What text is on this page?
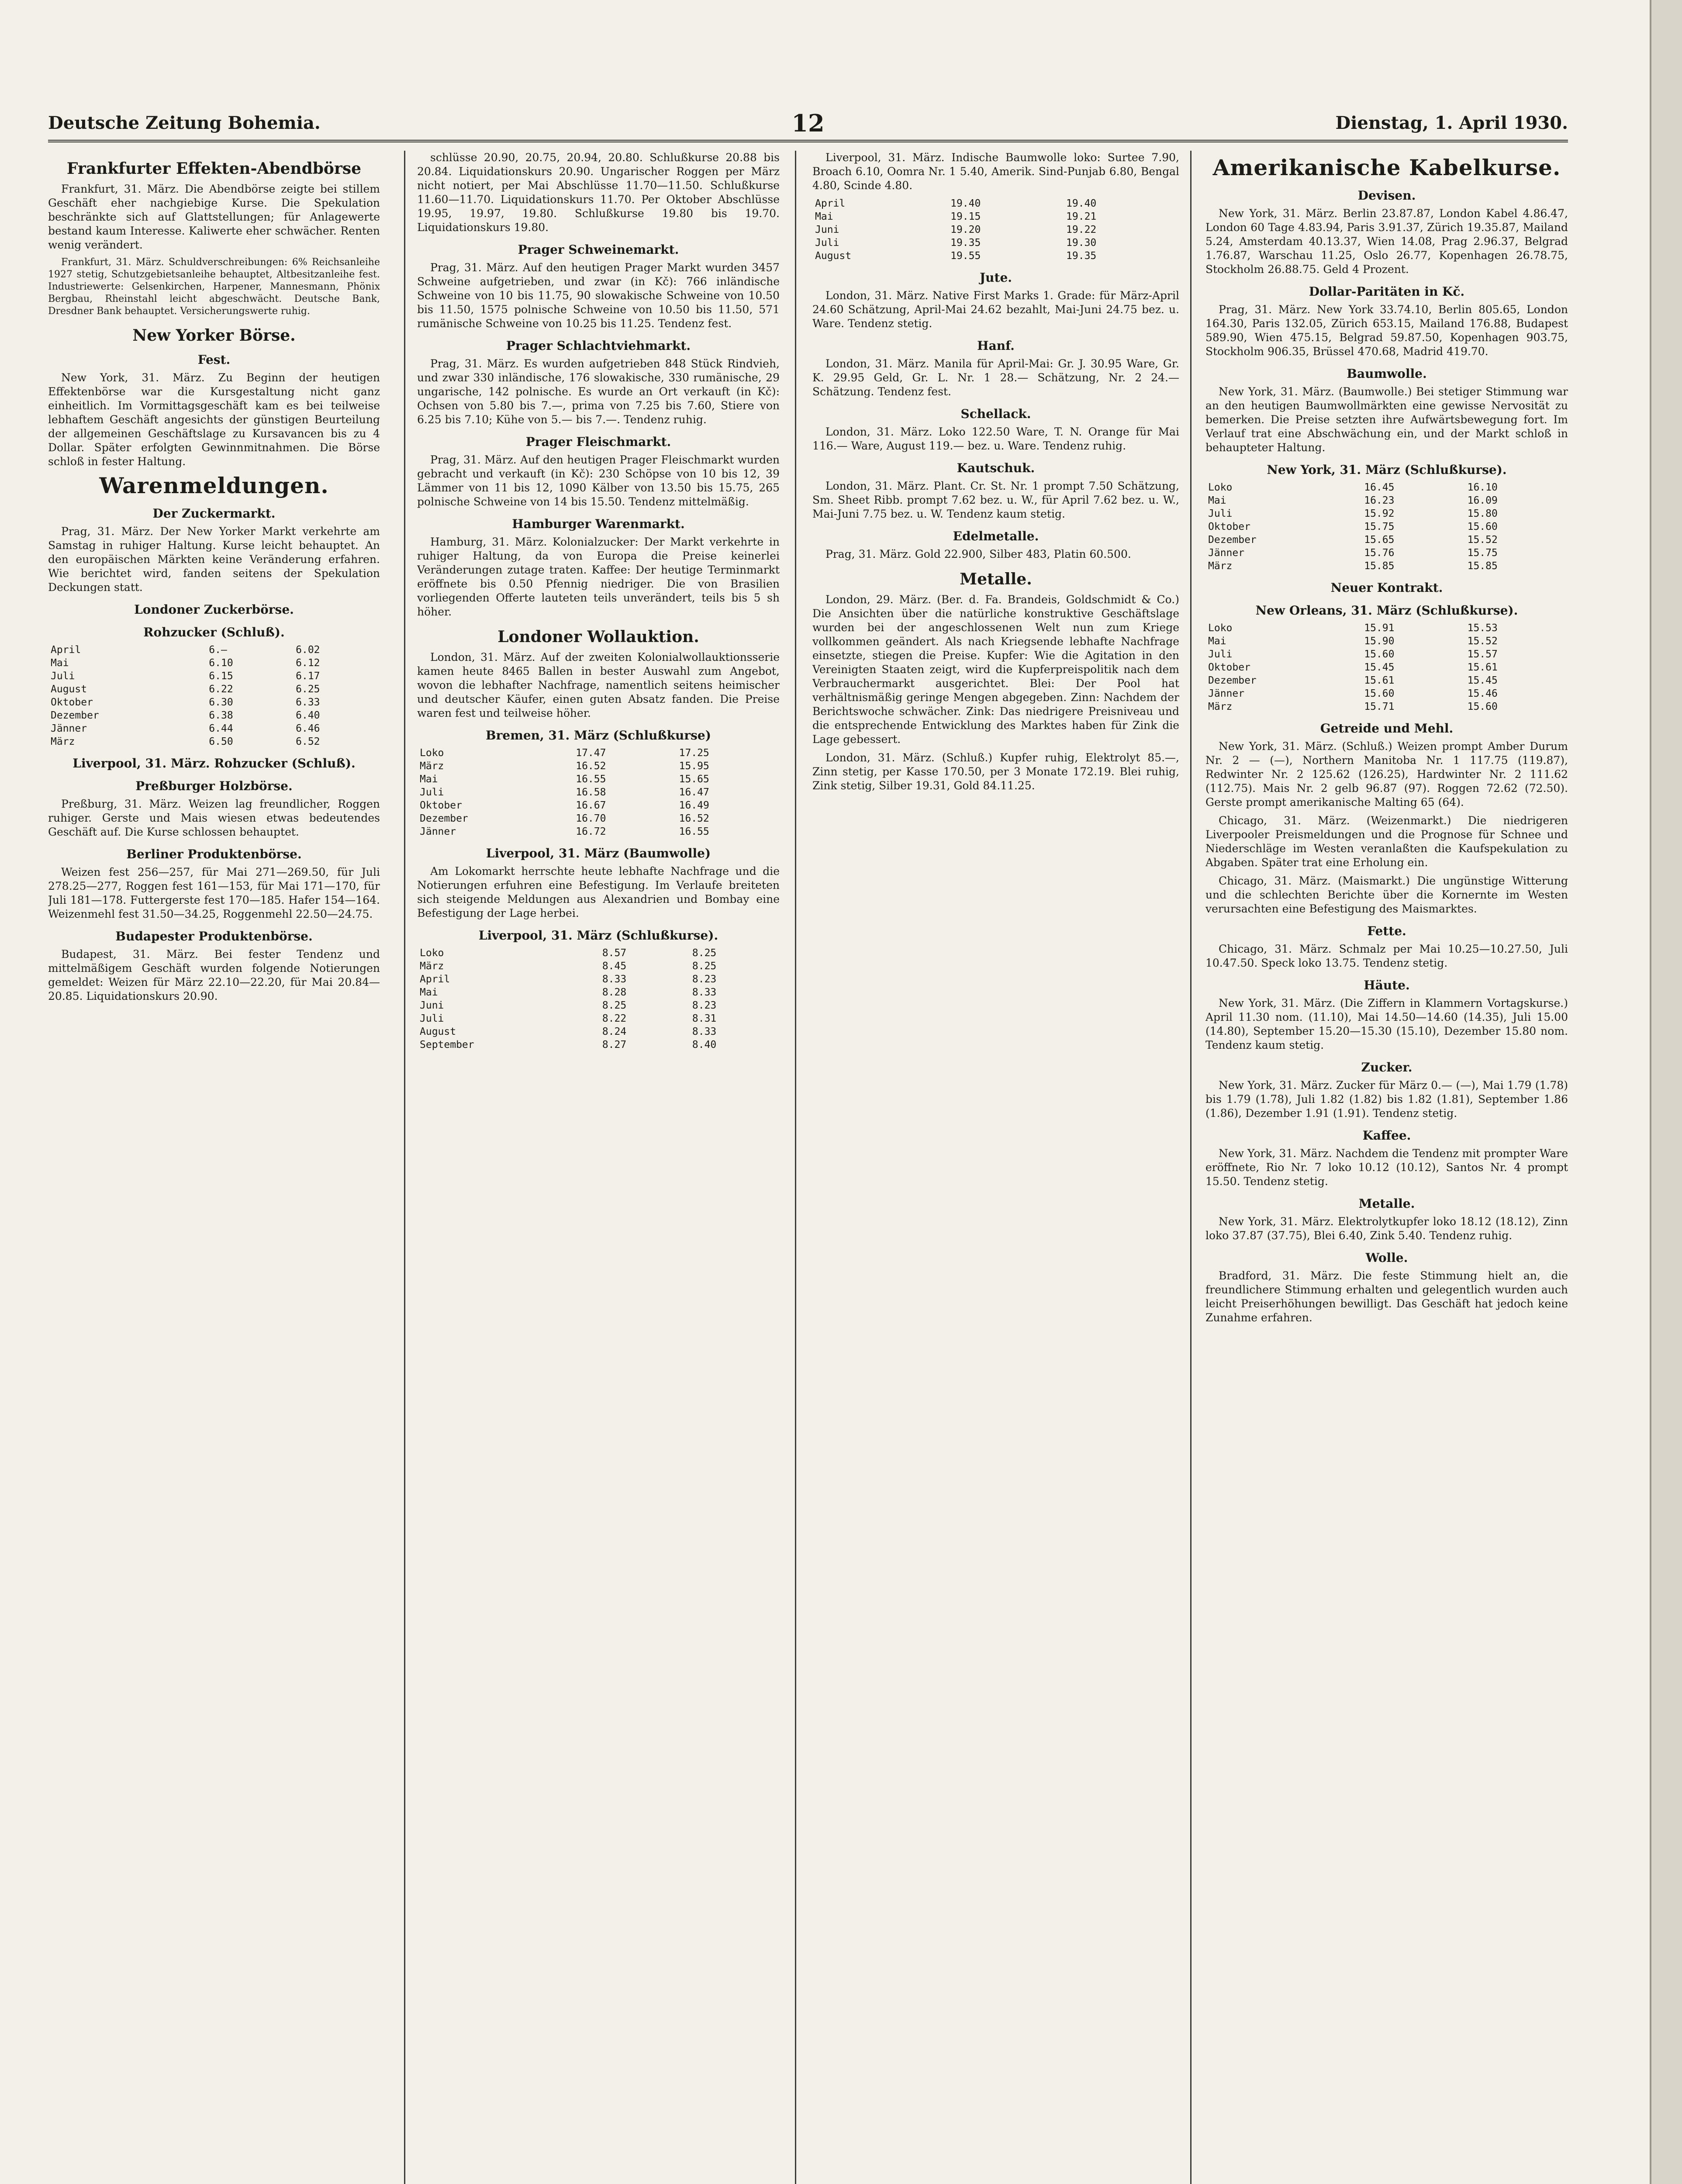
Deutsche Zeitung Bohemia.	12	Dienstag, 1. April 1930.
Frankfurter Effekten-Abendbörse

Frankfurt, 31. März. Die Abendbörse zeigte bei stillem Geschäft eher nachgiebige Kurse. Die Spekulation beschränkte sich auf Glattstellungen; für Anlagewerte bestand kaum Interesse. Kaliwerte eher schwächer. Renten wenig verändert.

Frankfurt, 31. März. Schuldverschreibungen: 6% Reichsanleihe 1927 stetig, Schutzgebietsanleihe behauptet, Altbesitzanleihe fest. Industriewerte: Gelsenkirchen, Harpener, Mannesmann, Phönix Bergbau, Rheinstahl leicht abgeschwächt. Deutsche Bank, Dresdner Bank behauptet. Versicherungswerte ruhig.

New Yorker Börse.
Fest.

New York, 31. März. Zu Beginn der heutigen Effektenbörse war die Kursgestaltung nicht ganz einheitlich. Im Vormittagsgeschäft kam es bei teilweise lebhaftem Geschäft angesichts der günstigen Beurteilung der allgemeinen Geschäftslage zu Kursavancen bis zu 4 Dollar. Später erfolgten Gewinnmitnahmen. Die Börse schloß in fester Haltung.

Warenmeldungen.
Der Zuckermarkt.

Prag, 31. März. Der New Yorker Markt verkehrte am Samstag in ruhiger Haltung. Kurse leicht behauptet. An den europäischen Märkten keine Veränderung erfahren. Wie berichtet wird, fanden seitens der Spekulation Deckungen statt.

Londoner Zuckerbörse.
Rohzucker (Schluß).
April	6.—	6.02
Mai	6.10	6.12
Juli	6.15	6.17
August	6.22	6.25
Oktober	6.30	6.33
Dezember	6.38	6.40
Jänner	6.44	6.46
März	6.50	6.52
Liverpool, 31. März. Rohzucker (Schluß).
Preßburger Holzbörse.

Preßburg, 31. März. Weizen lag freundlicher, Roggen ruhiger. Gerste und Mais wiesen etwas bedeutendes Geschäft auf. Die Kurse schlossen behauptet.

Berliner Produktenbörse.

Weizen fest 256—257, für Mai 271—269.50, für Juli 278.25—277, Roggen fest 161—153, für Mai 171—170, für Juli 181—178. Futtergerste fest 170—185. Hafer 154—164. Weizenmehl fest 31.50—34.25, Roggenmehl 22.50—24.75.

Budapester Produktenbörse.

Budapest, 31. März. Bei fester Tendenz und mittelmäßigem Geschäft wurden folgende Notierungen gemeldet: Weizen für März 22.10—22.20, für Mai 20.84—20.85. Liquidationskurs 20.90.

schlüsse 20.90, 20.75, 20.94, 20.80. Schlußkurse 20.88 bis 20.84. Liquidationskurs 20.90. Ungarischer Roggen per März nicht notiert, per Mai Abschlüsse 11.70—11.50. Schlußkurse 11.60—11.70. Liquidationskurs 11.70. Per Oktober Abschlüsse 19.95, 19.97, 19.80. Schlußkurse 19.80 bis 19.70. Liquidationskurs 19.80.

Prager Schweinemarkt.

Prag, 31. März. Auf den heutigen Prager Markt wurden 3457 Schweine aufgetrieben, und zwar (in Kč): 766 inländische Schweine von 10 bis 11.75, 90 slowakische Schweine von 10.50 bis 11.50, 1575 polnische Schweine von 10.50 bis 11.50, 571 rumänische Schweine von 10.25 bis 11.25. Tendenz fest.

Prager Schlachtviehmarkt.

Prag, 31. März. Es wurden aufgetrieben 848 Stück Rindvieh, und zwar 330 inländische, 176 slowakische, 330 rumänische, 29 ungarische, 142 polnische. Es wurde an Ort verkauft (in Kč): Ochsen von 5.80 bis 7.—, prima von 7.25 bis 7.60, Stiere von 6.25 bis 7.10; Kühe von 5.— bis 7.—. Tendenz ruhig.

Prager Fleischmarkt.

Prag, 31. März. Auf den heutigen Prager Fleischmarkt wurden gebracht und verkauft (in Kč): 230 Schöpse von 10 bis 12, 39 Lämmer von 11 bis 12, 1090 Kälber von 13.50 bis 15.75, 265 polnische Schweine von 14 bis 15.50. Tendenz mittelmäßig.

Hamburger Warenmarkt.

Hamburg, 31. März. Kolonialzucker: Der Markt verkehrte in ruhiger Haltung, da von Europa die Preise keinerlei Veränderungen zutage traten. Kaffee: Der heutige Terminmarkt eröffnete bis 0.50 Pfennig niedriger. Die von Brasilien vorliegenden Offerte lauteten teils unverändert, teils bis 5 sh höher.

Londoner Wollauktion.

London, 31. März. Auf der zweiten Kolonialwollauktionsserie kamen heute 8465 Ballen in bester Auswahl zum Angebot, wovon die lebhafter Nachfrage, namentlich seitens heimischer und deutscher Käufer, einen guten Absatz fanden. Die Preise waren fest und teilweise höher.

Bremen, 31. März (Schlußkurse)
Loko	17.47	17.25
März	16.52	15.95
Mai	16.55	15.65
Juli	16.58	16.47
Oktober	16.67	16.49
Dezember	16.70	16.52
Jänner	16.72	16.55
Liverpool, 31. März (Baumwolle)

Am Lokomarkt herrschte heute lebhafte Nachfrage und die Notierungen erfuhren eine Befestigung. Im Verlaufe breiteten sich steigende Meldungen aus Alexandrien und Bombay eine Befestigung der Lage herbei.

Liverpool, 31. März (Schlußkurse).
Loko	8.57	8.25
März	8.45	8.25
April	8.33	8.23
Mai	8.28	8.33
Juni	8.25	8.23
Juli	8.22	8.31
August	8.24	8.33
September	8.27	8.40

Liverpool, 31. März. Indische Baumwolle loko: Surtee 7.90, Broach 6.10, Oomra Nr. 1 5.40, Amerik. Sind-Punjab 6.80, Bengal 4.80, Scinde 4.80.

April	19.40	19.40
Mai	19.15	19.21
Juni	19.20	19.22
Juli	19.35	19.30
August	19.55	19.35
Jute.

London, 31. März. Native First Marks 1. Grade: für März-April 24.60 Schätzung, April-Mai 24.62 bezahlt, Mai-Juni 24.75 bez. u. Ware. Tendenz stetig.

Hanf.

London, 31. März. Manila für April-Mai: Gr. J. 30.95 Ware, Gr. K. 29.95 Geld, Gr. L. Nr. 1 28.— Schätzung, Nr. 2 24.— Schätzung. Tendenz fest.

Schellack.

London, 31. März. Loko 122.50 Ware, T. N. Orange für Mai 116.— Ware, August 119.— bez. u. Ware. Tendenz ruhig.

Kautschuk.

London, 31. März. Plant. Cr. St. Nr. 1 prompt 7.50 Schätzung, Sm. Sheet Ribb. prompt 7.62 bez. u. W., für April 7.62 bez. u. W., Mai-Juni 7.75 bez. u. W. Tendenz kaum stetig.

Edelmetalle.

Prag, 31. März. Gold 22.900, Silber 483, Platin 60.500.

Metalle.

London, 29. März. (Ber. d. Fa. Brandeis, Goldschmidt & Co.) Die Ansichten über die natürliche konstruktive Geschäftslage wurden bei der angeschlossenen Welt nun zum Kriege vollkommen geändert. Als nach Kriegsende lebhafte Nachfrage einsetzte, stiegen die Preise. Kupfer: Wie die Agitation in den Vereinigten Staaten zeigt, wird die Kupferpreispolitik nach dem Verbrauchermarkt ausgerichtet. Blei: Der Pool hat verhältnismäßig geringe Mengen abgegeben. Zinn: Nachdem der Berichtswoche schwächer. Zink: Das niedrigere Preisniveau und die entsprechende Entwicklung des Marktes haben für Zink die Lage gebessert.

London, 31. März. (Schluß.) Kupfer ruhig, Elektrolyt 85.—, Zinn stetig, per Kasse 170.50, per 3 Monate 172.19. Blei ruhig, Zink stetig, Silber 19.31, Gold 84.11.25.

Amerikanische Kabelkurse.
Devisen.

New York, 31. März. Berlin 23.87.87, London Kabel 4.86.47, London 60 Tage 4.83.94, Paris 3.91.37, Zürich 19.35.87, Mailand 5.24, Amsterdam 40.13.37, Wien 14.08, Prag 2.96.37, Belgrad 1.76.87, Warschau 11.25, Oslo 26.77, Kopenhagen 26.78.75, Stockholm 26.88.75. Geld 4 Prozent.

Dollar-Paritäten in Kč.

Prag, 31. März. New York 33.74.10, Berlin 805.65, London 164.30, Paris 132.05, Zürich 653.15, Mailand 176.88, Budapest 589.90, Wien 475.15, Belgrad 59.87.50, Kopenhagen 903.75, Stockholm 906.35, Brüssel 470.68, Madrid 419.70.

Baumwolle.

New York, 31. März. (Baumwolle.) Bei stetiger Stimmung war an den heutigen Baumwollmärkten eine gewisse Nervosität zu bemerken. Die Preise setzten ihre Aufwärtsbewegung fort. Im Verlauf trat eine Abschwächung ein, und der Markt schloß in behaupteter Haltung.

New York, 31. März (Schlußkurse).
Loko	16.45	16.10
Mai	16.23	16.09
Juli	15.92	15.80
Oktober	15.75	15.60
Dezember	15.65	15.52
Jänner	15.76	15.75
März	15.85	15.85
Neuer Kontrakt.
New Orleans, 31. März (Schlußkurse).
Loko	15.91	15.53
Mai	15.90	15.52
Juli	15.60	15.57
Oktober	15.45	15.61
Dezember	15.61	15.45
Jänner	15.60	15.46
März	15.71	15.60
Getreide und Mehl.

New York, 31. März. (Schluß.) Weizen prompt Amber Durum Nr. 2 — (—), Northern Manitoba Nr. 1 117.75 (119.87), Redwinter Nr. 2 125.62 (126.25), Hardwinter Nr. 2 111.62 (112.75). Mais Nr. 2 gelb 96.87 (97). Roggen 72.62 (72.50). Gerste prompt amerikanische Malting 65 (64).

Chicago, 31. März. (Weizenmarkt.) Die niedrigeren Liverpooler Preismeldungen und die Prognose für Schnee und Niederschläge im Westen veranlaßten die Kaufspekulation zu Abgaben. Später trat eine Erholung ein.

Chicago, 31. März. (Maismarkt.) Die ungünstige Witterung und die schlechten Berichte über die Kornernte im Westen verursachten eine Befestigung des Maismarktes.

Fette.

Chicago, 31. März. Schmalz per Mai 10.25—10.27.50, Juli 10.47.50. Speck loko 13.75. Tendenz stetig.

Häute.

New York, 31. März. (Die Ziffern in Klammern Vortagskurse.) April 11.30 nom. (11.10), Mai 14.50—14.60 (14.35), Juli 15.00 (14.80), September 15.20—15.30 (15.10), Dezember 15.80 nom. Tendenz kaum stetig.

Zucker.

New York, 31. März. Zucker für März 0.— (—), Mai 1.79 (1.78) bis 1.79 (1.78), Juli 1.82 (1.82) bis 1.82 (1.81), September 1.86 (1.86), Dezember 1.91 (1.91). Tendenz stetig.

Kaffee.

New York, 31. März. Nachdem die Tendenz mit prompter Ware eröffnete, Rio Nr. 7 loko 10.12 (10.12), Santos Nr. 4 prompt 15.50. Tendenz stetig.

Metalle.

New York, 31. März. Elektrolytkupfer loko 18.12 (18.12), Zinn loko 37.87 (37.75), Blei 6.40, Zink 5.40. Tendenz ruhig.

Wolle.

Bradford, 31. März. Die feste Stimmung hielt an, die freundlichere Stimmung erhalten und gelegentlich wurden auch leicht Preiserhöhungen bewilligt. Das Geschäft hat jedoch keine Zunahme erfahren.
